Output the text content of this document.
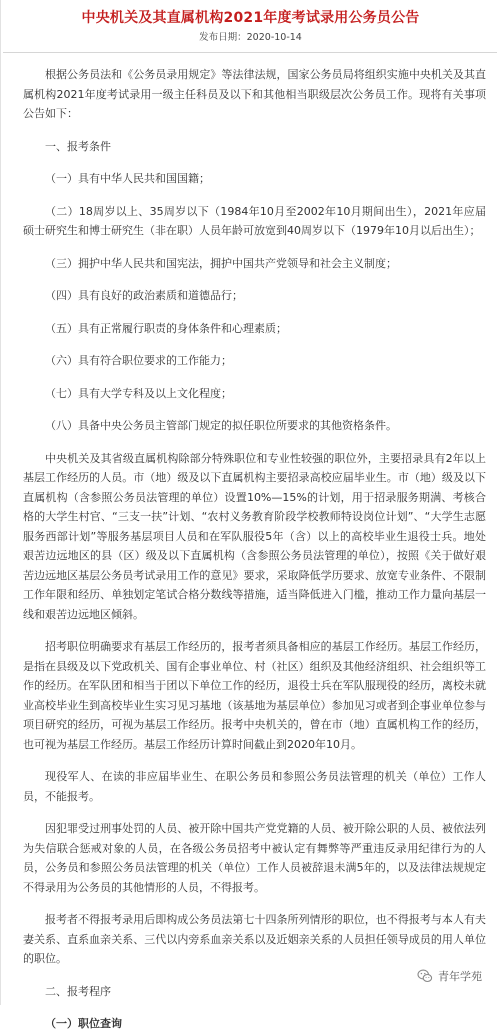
中央机关及其直属机构2021年度考试录用公务员公告
发布日期：2020-10-14

根据公务员法和《公务员录用规定》等法律法规，国家公务员局将组织实施中央机关及其直属机构2021年度考试录用一级主任科员及以下和其他相当职级层次公务员工作。现将有关事项公告如下：

一、报考条件

（一）具有中华人民共和国国籍；

（二）18周岁以上、35周岁以下（1984年10月至2002年10月期间出生），2021年应届硕士研究生和博士研究生（非在职）人员年龄可放宽到40周岁以下（1979年10月以后出生）；

（三）拥护中华人民共和国宪法，拥护中国共产党领导和社会主义制度；

（四）具有良好的政治素质和道德品行；

（五）具有正常履行职责的身体条件和心理素质；

（六）具有符合职位要求的工作能力；

（七）具有大学专科及以上文化程度；

（八）具备中央公务员主管部门规定的拟任职位所要求的其他资格条件。

中央机关及其省级直属机构除部分特殊职位和专业性较强的职位外，主要招录具有2年以上基层工作经历的人员。市（地）级及以下直属机构主要招录高校应届毕业生。市（地）级及以下直属机构（含参照公务员法管理的单位）设置10%—15%的计划，用于招录服务期满、考核合格的大学生村官、“三支一扶”计划、“农村义务教育阶段学校教师特设岗位计划”、“大学生志愿服务西部计划”等服务基层项目人员和在军队服役5年（含）以上的高校毕业生退役士兵。地处艰苦边远地区的县（区）级及以下直属机构（含参照公务员法管理的单位），按照《关于做好艰苦边远地区基层公务员考试录用工作的意见》要求，采取降低学历要求、放宽专业条件、不限制工作年限和经历、单独划定笔试合格分数线等措施，适当降低进入门槛，推动工作力量向基层一线和艰苦边远地区倾斜。

招考职位明确要求有基层工作经历的，报考者须具备相应的基层工作经历。基层工作经历，是指在县级及以下党政机关、国有企事业单位、村（社区）组织及其他经济组织、社会组织等工作的经历。在军队团和相当于团以下单位工作的经历，退役士兵在军队服现役的经历，离校未就业高校毕业生到高校毕业生实习见习基地（该基地为基层单位）参加见习或者到企事业单位参与项目研究的经历，可视为基层工作经历。报考中央机关的，曾在市（地）直属机构工作的经历，也可视为基层工作经历。基层工作经历计算时间截止到2020年10月。

现役军人、在读的非应届毕业生、在职公务员和参照公务员法管理的机关（单位）工作人员，不能报考。

因犯罪受过刑事处罚的人员、被开除中国共产党党籍的人员、被开除公职的人员、被依法列为失信联合惩戒对象的人员，在各级公务员招考中被认定有舞弊等严重违反录用纪律行为的人员，公务员和参照公务员法管理的机关（单位）工作人员被辞退未满5年的，以及法律法规规定不得录用为公务员的其他情形的人员，不得报考。

报考者不得报考录用后即构成公务员法第七十四条所列情形的职位，也不得报考与本人有夫妻关系、直系血亲关系、三代以内旁系血亲关系以及近姻亲关系的人员担任领导成员的用人单位的职位。

二、报考程序

（一）职位查询

青年学苑
